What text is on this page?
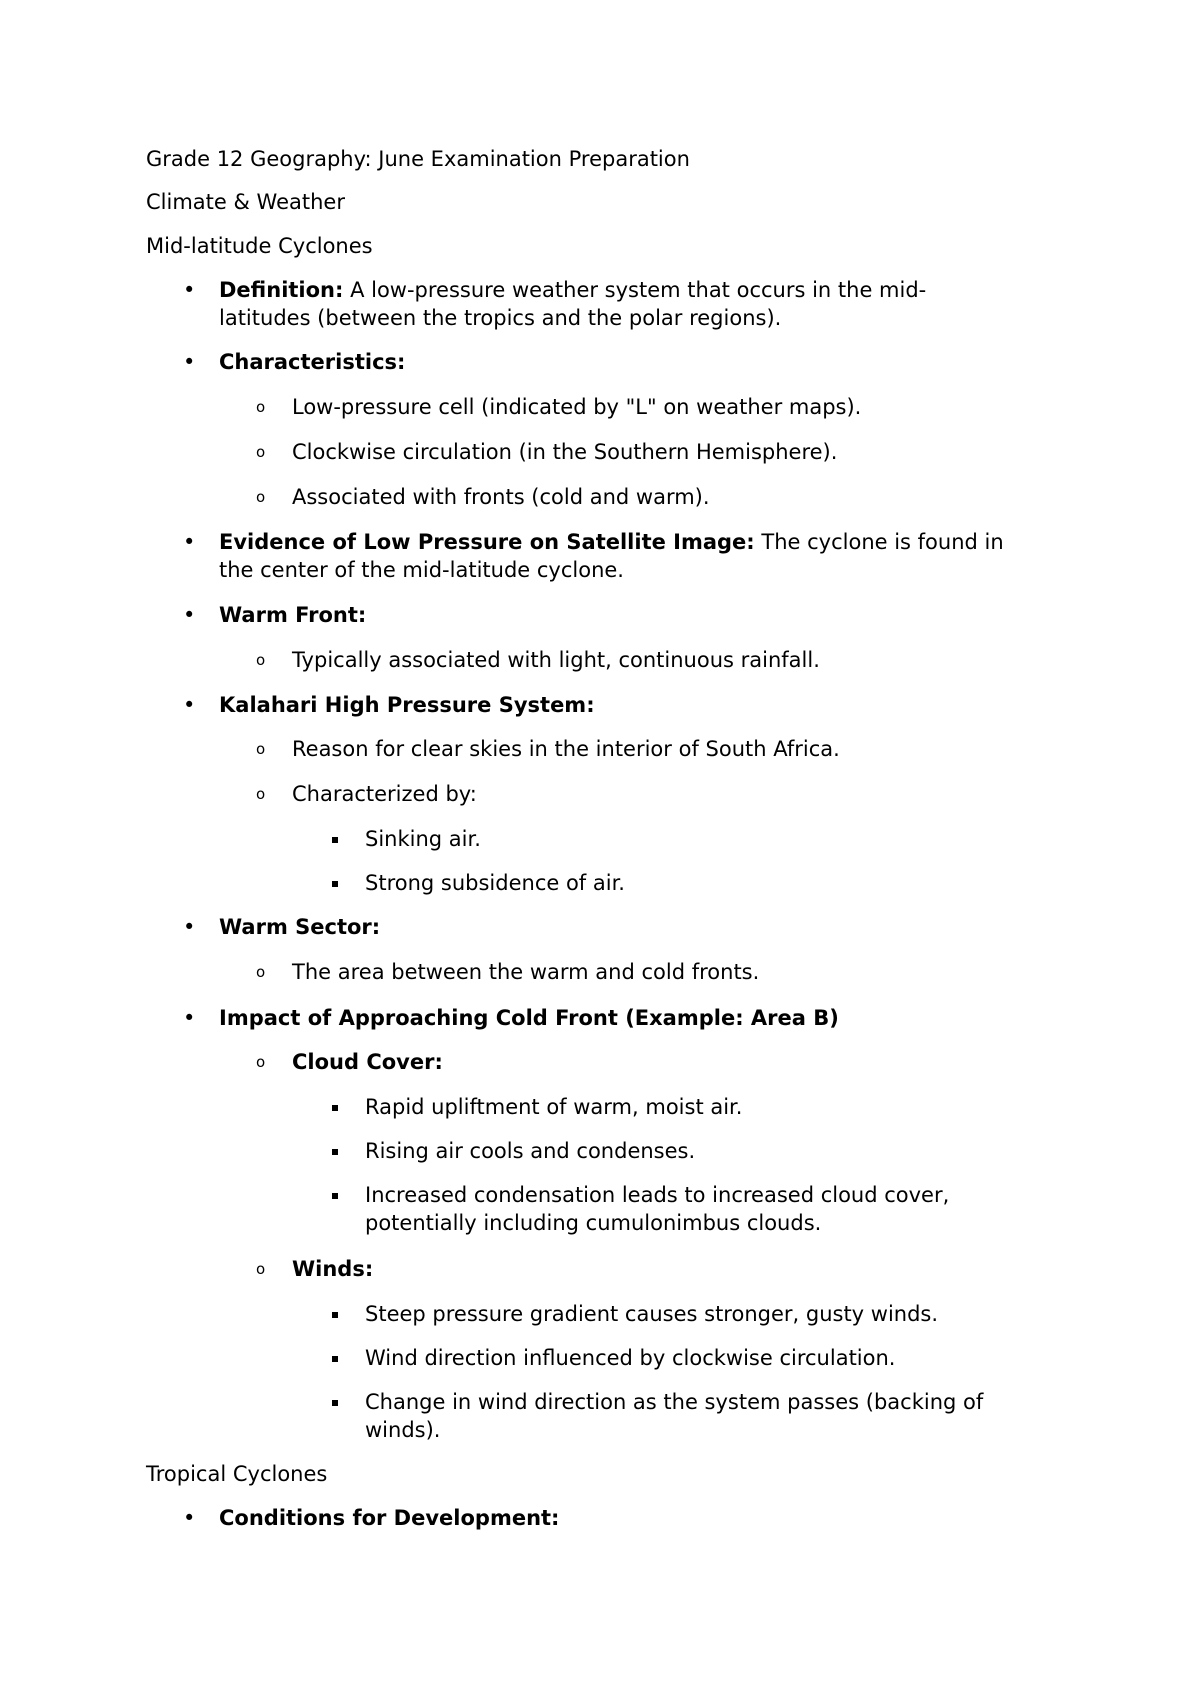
Grade 12 Geography: June Examination Preparation
Climate & Weather
Mid-latitude Cyclones
• Definition: A low-pressure weather system that occurs in the mid-
latitudes (between the tropics and the polar regions).
• Characteristics:
o Low-pressure cell (indicated by "L" on weather maps).
o Clockwise circulation (in the Southern Hemisphere).
o Associated with fronts (cold and warm).
• Evidence of Low Pressure on Satellite Image: The cyclone is found in
the center of the mid-latitude cyclone.
• Warm Front:
o Typically associated with light, continuous rainfall.
• Kalahari High Pressure System:
o Reason for clear skies in the interior of South Africa.
o Characterized by:
Sinking air.
Strong subsidence of air.
• Warm Sector:
o The area between the warm and cold fronts.
• Impact of Approaching Cold Front (Example: Area B)
o Cloud Cover:
Rapid upliftment of warm, moist air.
Rising air cools and condenses.
Increased condensation leads to increased cloud cover,
potentially including cumulonimbus clouds.
o Winds:
Steep pressure gradient causes stronger, gusty winds.
Wind direction influenced by clockwise circulation.
Change in wind direction as the system passes (backing of
winds).
Tropical Cyclones
• Conditions for Development:
